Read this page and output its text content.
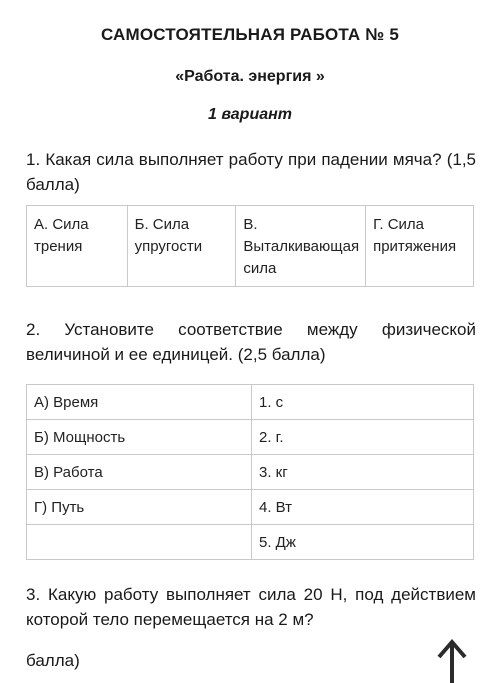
САМОСТОЯТЕЛЬНАЯ РАБОТА № 5
«Работа. энергия »
1 вариант

1. Какая сила выполняет работу при падении мяча? (1,5 балла)

А. Сила трения	Б. Сила упругости	В. Выталкивающая сила	Г. Сила притяжения

2. Установите соответствие между физической величиной и ее единицей. (2,5 балла)

А) Время	1. с
Б) Мощность	2. г.
В) Работа	3. кг
Г) Путь	4. Вт
	5. Дж

3. Какую работу выполняет сила 20 Н, под действием которой тело перемещается на 2 м?

балла)
